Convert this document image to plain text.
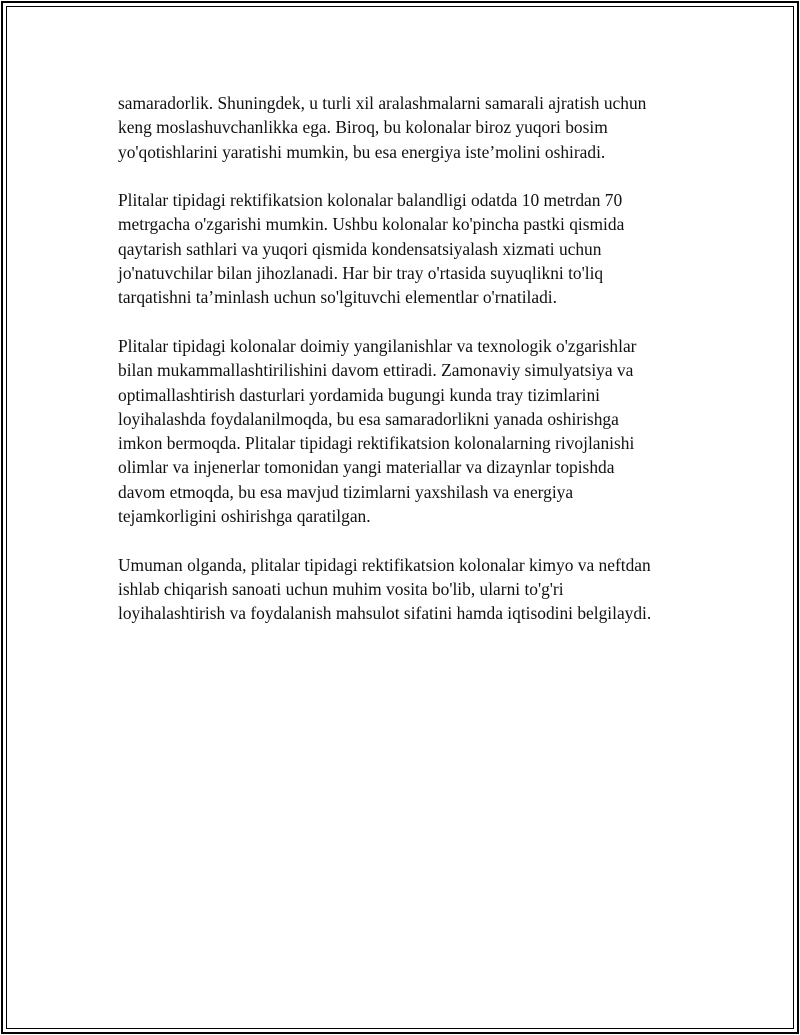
samaradorlik. Shuningdek, u turli xil aralashmalarni samarali ajratish uchun
keng moslashuvchanlikka ega. Biroq, bu kolonalar biroz yuqori bosim
yo'qotishlarini yaratishi mumkin, bu esa energiya iste’molini oshiradi.

Plitalar tipidagi rektifikatsion kolonalar balandligi odatda 10 metrdan 70
metrgacha o'zgarishi mumkin. Ushbu kolonalar ko'pincha pastki qismida
qaytarish sathlari va yuqori qismida kondensatsiyalash xizmati uchun
jo'natuvchilar bilan jihozlanadi. Har bir tray o'rtasida suyuqlikni to'liq
tarqatishni ta’minlash uchun so'lgituvchi elementlar o'rnatiladi.

Plitalar tipidagi kolonalar doimiy yangilanishlar va texnologik o'zgarishlar
bilan mukammallashtirilishini davom ettiradi. Zamonaviy simulyatsiya va
optimallashtirish dasturlari yordamida bugungi kunda tray tizimlarini
loyihalashda foydalanilmoqda, bu esa samaradorlikni yanada oshirishga
imkon bermoqda. Plitalar tipidagi rektifikatsion kolonalarning rivojlanishi
olimlar va injenerlar tomonidan yangi materiallar va dizaynlar topishda
davom etmoqda, bu esa mavjud tizimlarni yaxshilash va energiya
tejamkorligini oshirishga qaratilgan.

Umuman olganda, plitalar tipidagi rektifikatsion kolonalar kimyo va neftdan
ishlab chiqarish sanoati uchun muhim vosita bo'lib, ularni to'g'ri
loyihalashtirish va foydalanish mahsulot sifatini hamda iqtisodini belgilaydi.
